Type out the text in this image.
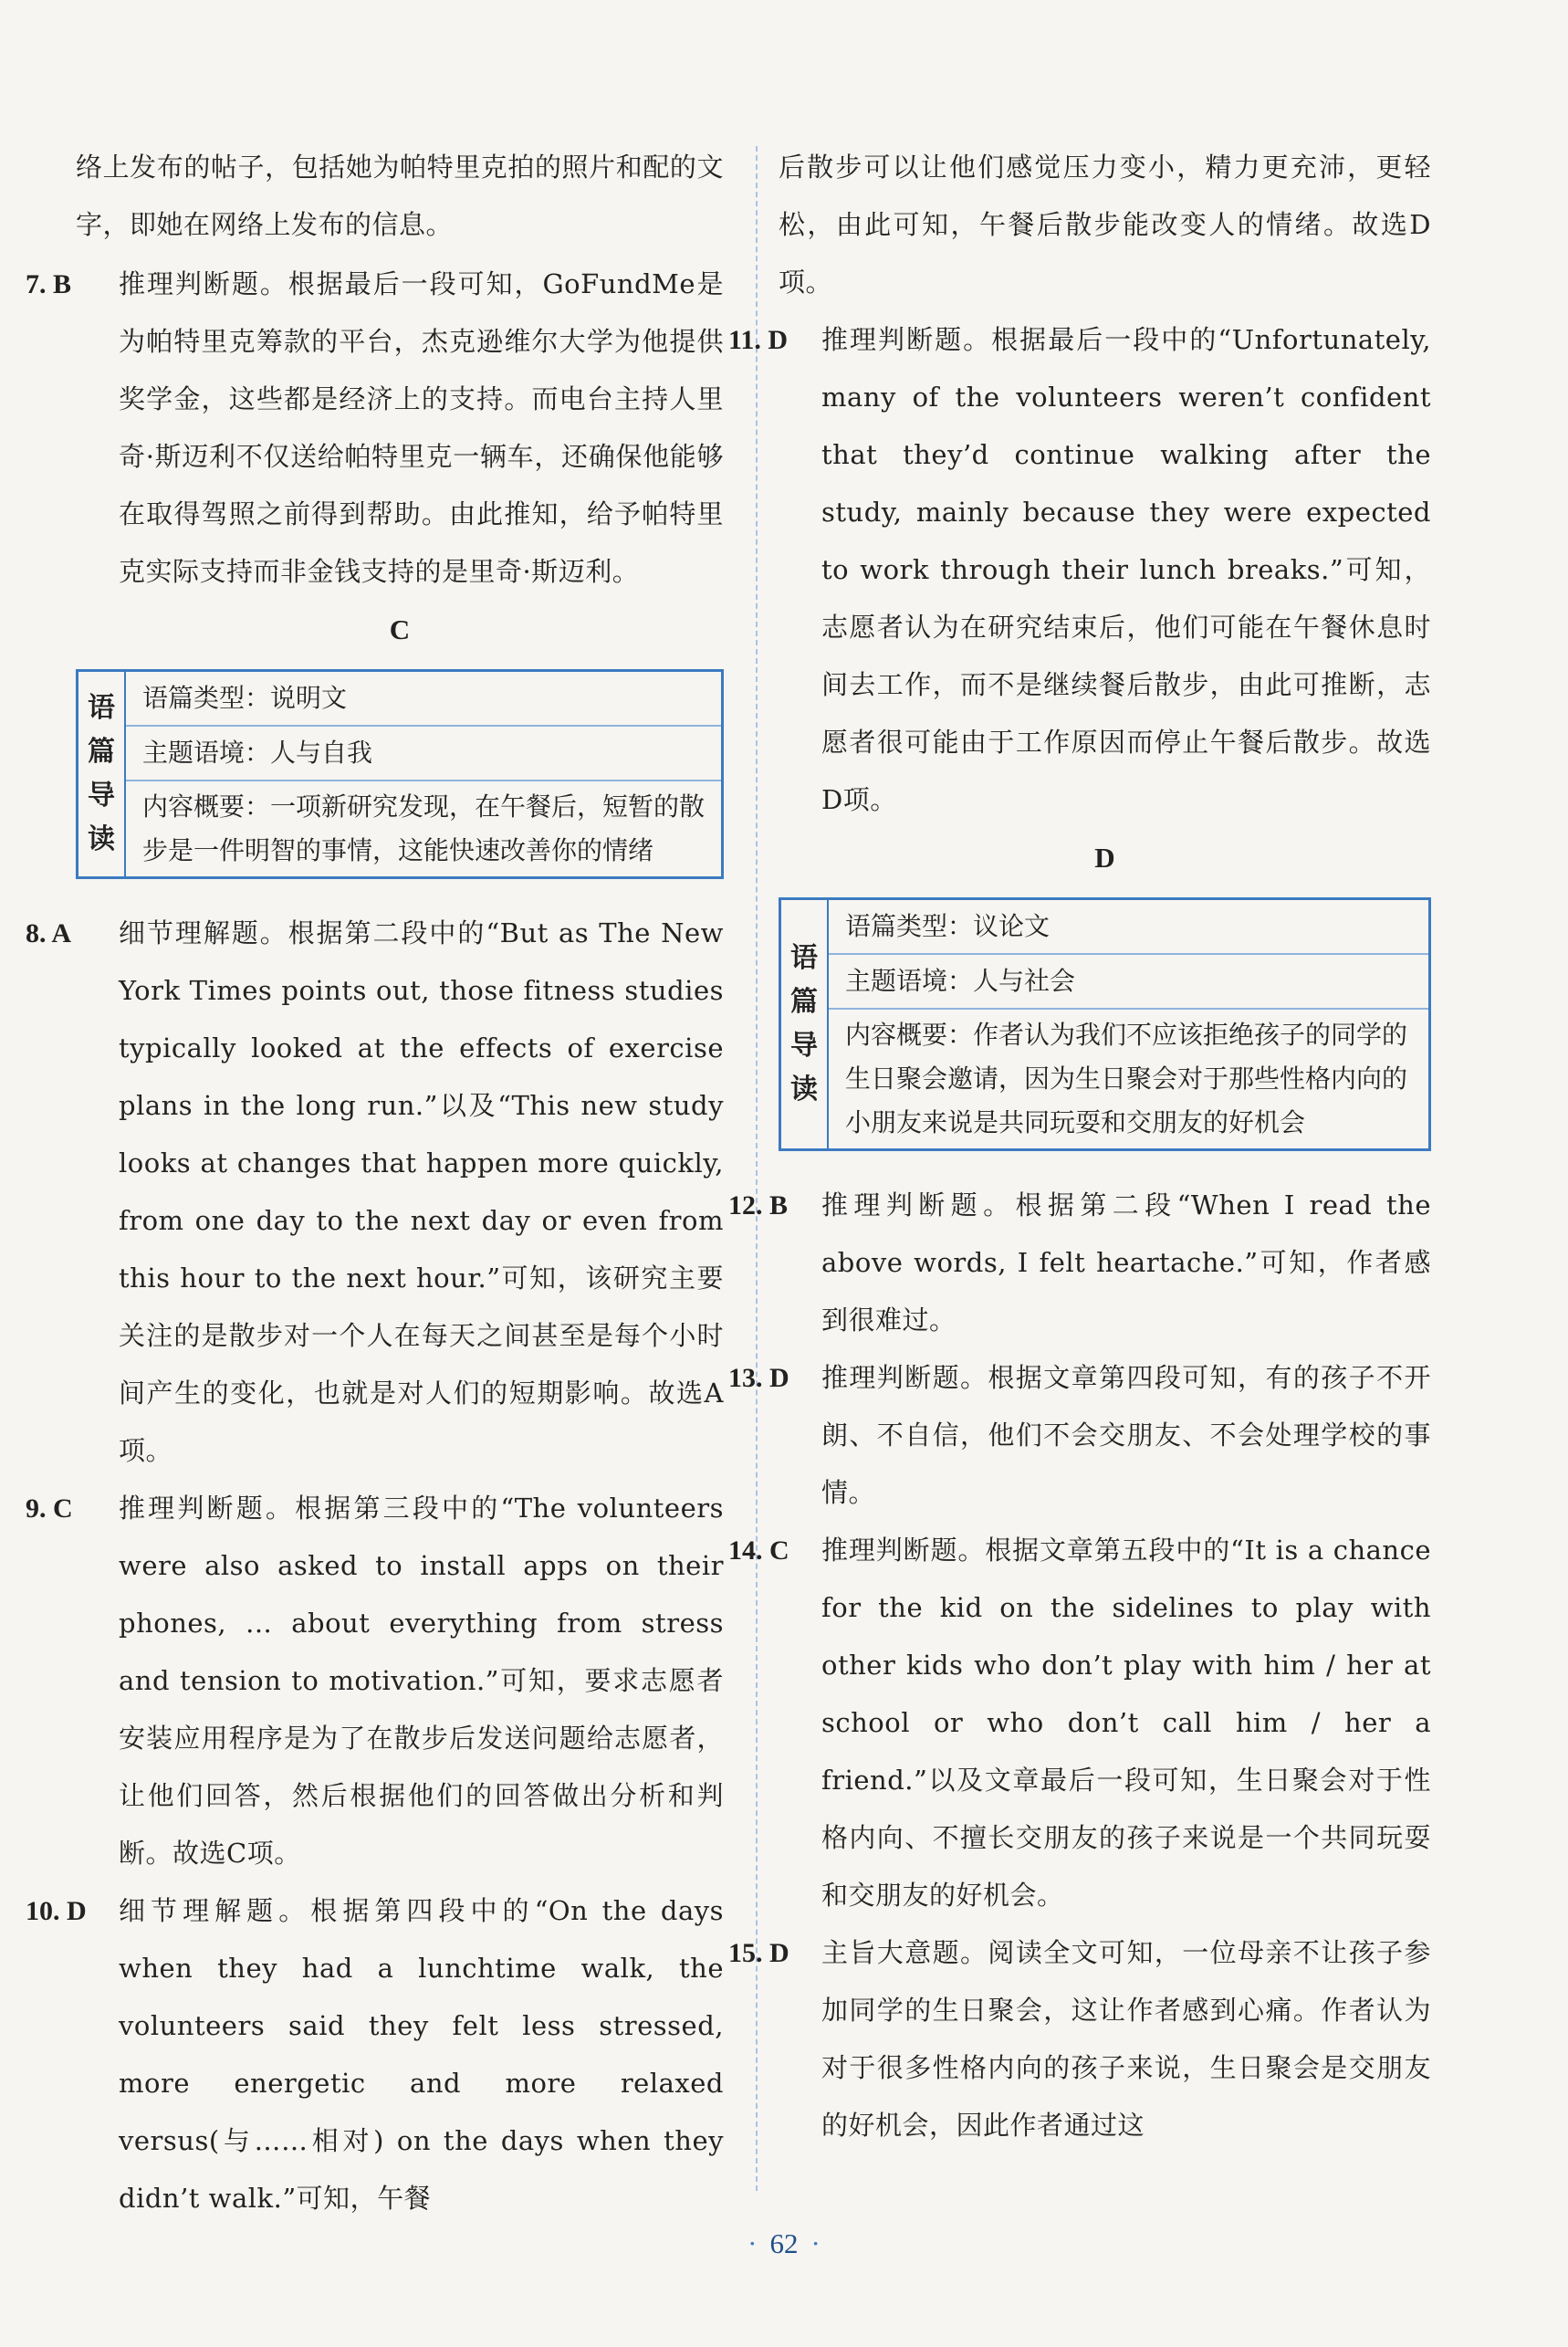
络上发布的帖子，包括她为帕特里克拍的照片和配的文字，即她在网络上发布的信息。

7. B	推理判断题。根据最后一段可知，GoFundMe是为帕特里克筹款的平台，杰克逊维尔大学为他提供奖学金，这些都是经济上的支持。而电台主持人里奇·斯迈利不仅送给帕特里克一辆车，还确保他能够在取得驾照之前得到帮助。由此推知，给予帕特里克实际支持而非金钱支持的是里奇·斯迈利。

C
语
篇
导
读
语篇类型：说明文
主题语境：人与自我
内容概要：一项新研究发现，在午餐后，短暂的散步是一件明智的事情，这能快速改善你的情绪
8. A	细节理解题。根据第二段中的“But as The New York Times points out, those fitness studies typically looked at the effects of exercise plans in the long run.”以及“This new study looks at changes that happen more quickly, from one day to the next day or even from this hour to the next hour.”可知，该研究主要关注的是散步对一个人在每天之间甚至是每个小时间产生的变化，也就是对人们的短期影响。故选A项。

9. C	推理判断题。根据第三段中的“The volunteers were also asked to install apps on their phones, ... about everything from stress and tension to motivation.”可知，要求志愿者安装应用程序是为了在散步后发送问题给志愿者，让他们回答，然后根据他们的回答做出分析和判断。故选C项。

10. D	细节理解题。根据第四段中的“On the days when they had a lunchtime walk, the volunteers said they felt less stressed, more energetic and more relaxed versus(与……相对) on the days when they didn’t walk.”可知，午餐

后散步可以让他们感觉压力变小，精力更充沛，更轻松，由此可知，午餐后散步能改变人的情绪。故选D项。

11. D	推理判断题。根据最后一段中的“Unfortunately, many of the volunteers weren’t confident that they’d continue walking after the study, mainly because they were expected to work through their lunch breaks.”可知，志愿者认为在研究结束后，他们可能在午餐休息时间去工作，而不是继续餐后散步，由此可推断，志愿者很可能由于工作原因而停止午餐后散步。故选D项。

D
语
篇
导
读
语篇类型：议论文
主题语境：人与社会
内容概要：作者认为我们不应该拒绝孩子的同学的生日聚会邀请，因为生日聚会对于那些性格内向的小朋友来说是共同玩耍和交朋友的好机会
12. B	推理判断题。根据第二段“When I read the above words, I felt heartache.”可知，作者感到很难过。

13. D	推理判断题。根据文章第四段可知，有的孩子不开朗、不自信，他们不会交朋友、不会处理学校的事情。

14. C	推理判断题。根据文章第五段中的“It is a chance for the kid on the sidelines to play with other kids who don’t play with him / her at school or who don’t call him / her a friend.”以及文章最后一段可知，生日聚会对于性格内向、不擅长交朋友的孩子来说是一个共同玩耍和交朋友的好机会。

15. D	主旨大意题。阅读全文可知，一位母亲不让孩子参加同学的生日聚会，这让作者感到心痛。作者认为对于很多性格内向的孩子来说，生日聚会是交朋友的好机会，因此作者通过这

· 62 ·
